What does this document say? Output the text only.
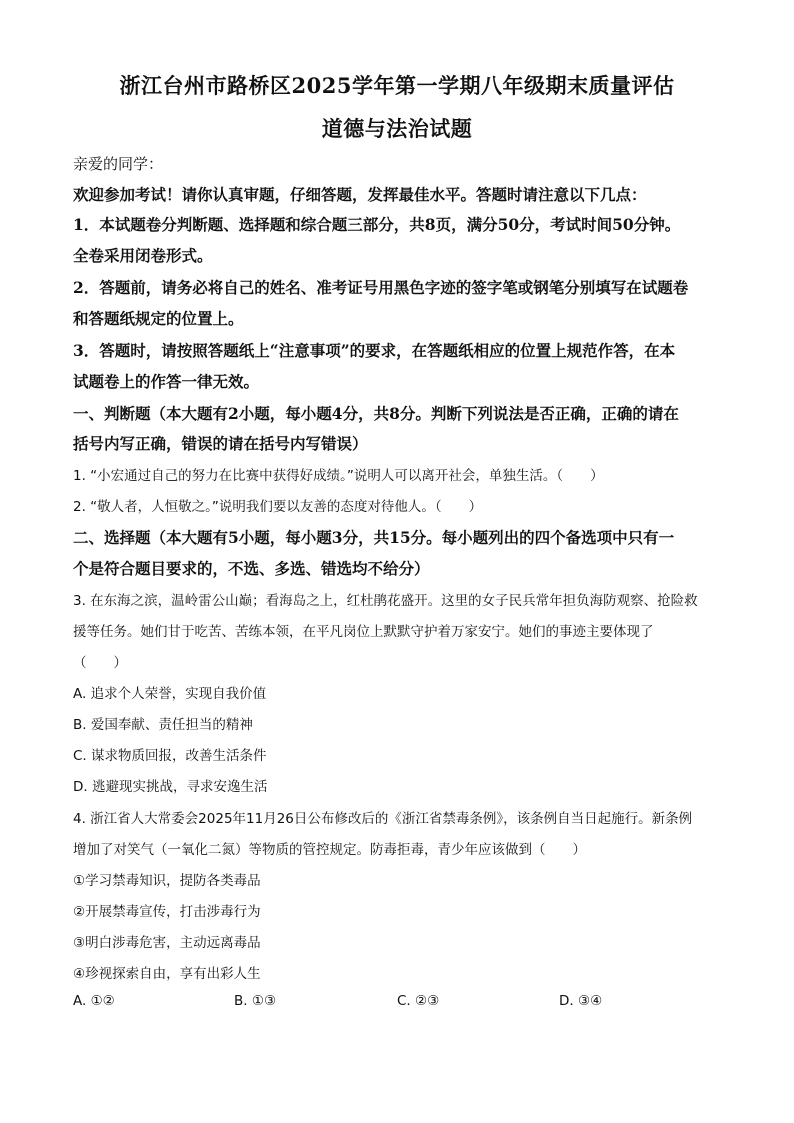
浙江台州市路桥区2025学年第一学期八年级期末质量评估
道德与法治试题
亲爱的同学：
欢迎参加考试！请你认真审题，仔细答题，发挥最佳水平。答题时请注意以下几点：
1．本试题卷分判断题、选择题和综合题三部分，共8页，满分50分，考试时间50分钟。
全卷采用闭卷形式。
2．答题前，请务必将自己的姓名、准考证号用黑色字迹的签字笔或钢笔分别填写在试题卷
和答题纸规定的位置上。
3．答题时，请按照答题纸上“注意事项”的要求，在答题纸相应的位置上规范作答，在本
试题卷上的作答一律无效。
一、判断题（本大题有2小题，每小题4分，共8分。判断下列说法是否正确，正确的请在
括号内写正确，错误的请在括号内写错误）
1. “小宏通过自己的努力在比赛中获得好成绩。”说明人可以离开社会，单独生活。（　　）
2. “敬人者，人恒敬之。”说明我们要以友善的态度对待他人。（　　）
二、选择题（本大题有5小题，每小题3分，共15分。每小题列出的四个备选项中只有一
个是符合题目要求的，不选、多选、错选均不给分）
3. 在东海之滨，温岭雷公山巅；看海岛之上，红杜鹃花盛开。这里的女子民兵常年担负海防观察、抢险救
援等任务。她们甘于吃苦、苦练本领，在平凡岗位上默默守护着万家安宁。她们的事迹主要体现了
（　　）
A. 追求个人荣誉，实现自我价值
B. 爱国奉献、责任担当的精神
C. 谋求物质回报，改善生活条件
D. 逃避现实挑战，寻求安逸生活
4. 浙江省人大常委会2025年11月26日公布修改后的《浙江省禁毒条例》，该条例自当日起施行。新条例
增加了对笑气（一氧化二氮）等物质的管控规定。防毒拒毒，青少年应该做到（　　）
①学习禁毒知识，提防各类毒品
②开展禁毒宣传，打击涉毒行为
③明白涉毒危害，主动远离毒品
④珍视探索自由，享有出彩人生
A. ①②	B. ①③	C. ②③	D. ③④
